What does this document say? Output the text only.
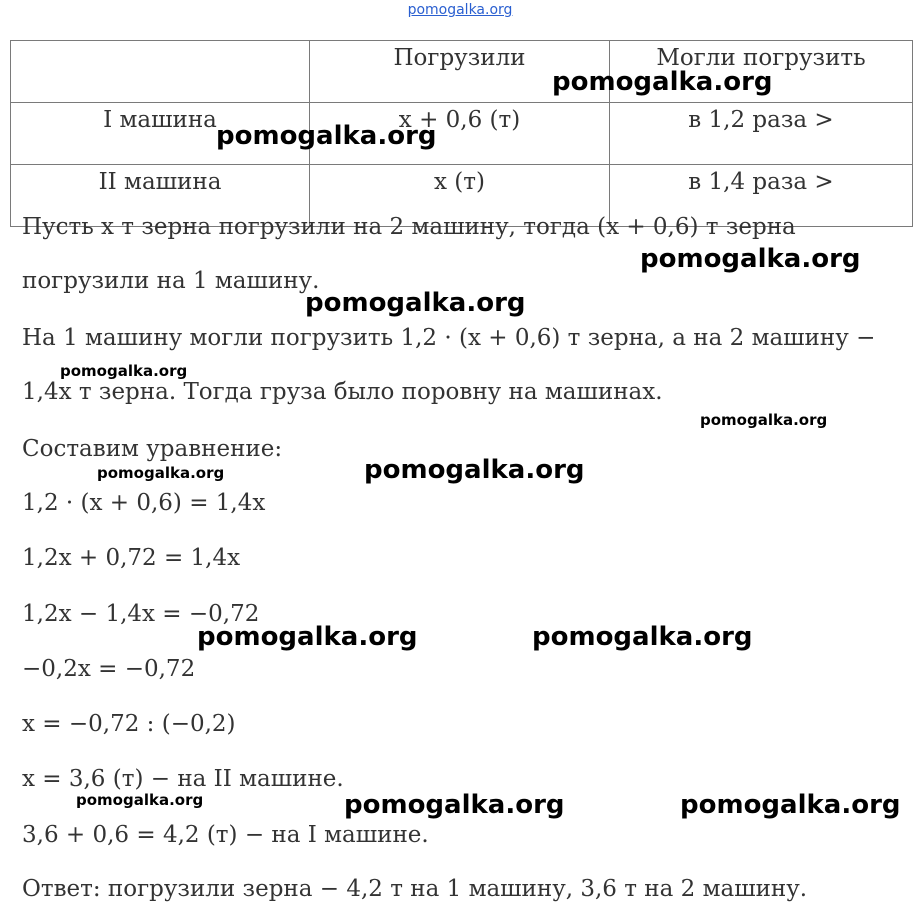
pomogalka.org
	Погрузили	Могли погрузить
I машина	x + 0,6 (т)	в 1,2 раза >
II машина	x (т)	в 1,4 раза >
Пусть x т зерна погрузили на 2 машину, тогда (x + 0,6) т зерна
погрузили на 1 машину.
На 1 машину могли погрузить 1,2 · (x + 0,6) т зерна, а на 2 машину −
1,4x т зерна. Тогда груза было поровну на машинах.
Составим уравнение:
1,2 · (x + 0,6) = 1,4x
1,2x + 0,72 = 1,4x
1,2x − 1,4x = −0,72
−0,2x = −0,72
x = −0,72 : (−0,2)
x = 3,6 (т) − на II машине.
3,6 + 0,6 = 4,2 (т) − на I машине.
Ответ: погрузили зерна − 4,2 т на 1 машину, 3,6 т на 2 машину.
pomogalka.org
pomogalka.org
pomogalka.org
pomogalka.org
pomogalka.org
pomogalka.org
pomogalka.org	pomogalka.org
pomogalka.org	pomogalka.org
pomogalka.org	pomogalka.org	pomogalka.org
